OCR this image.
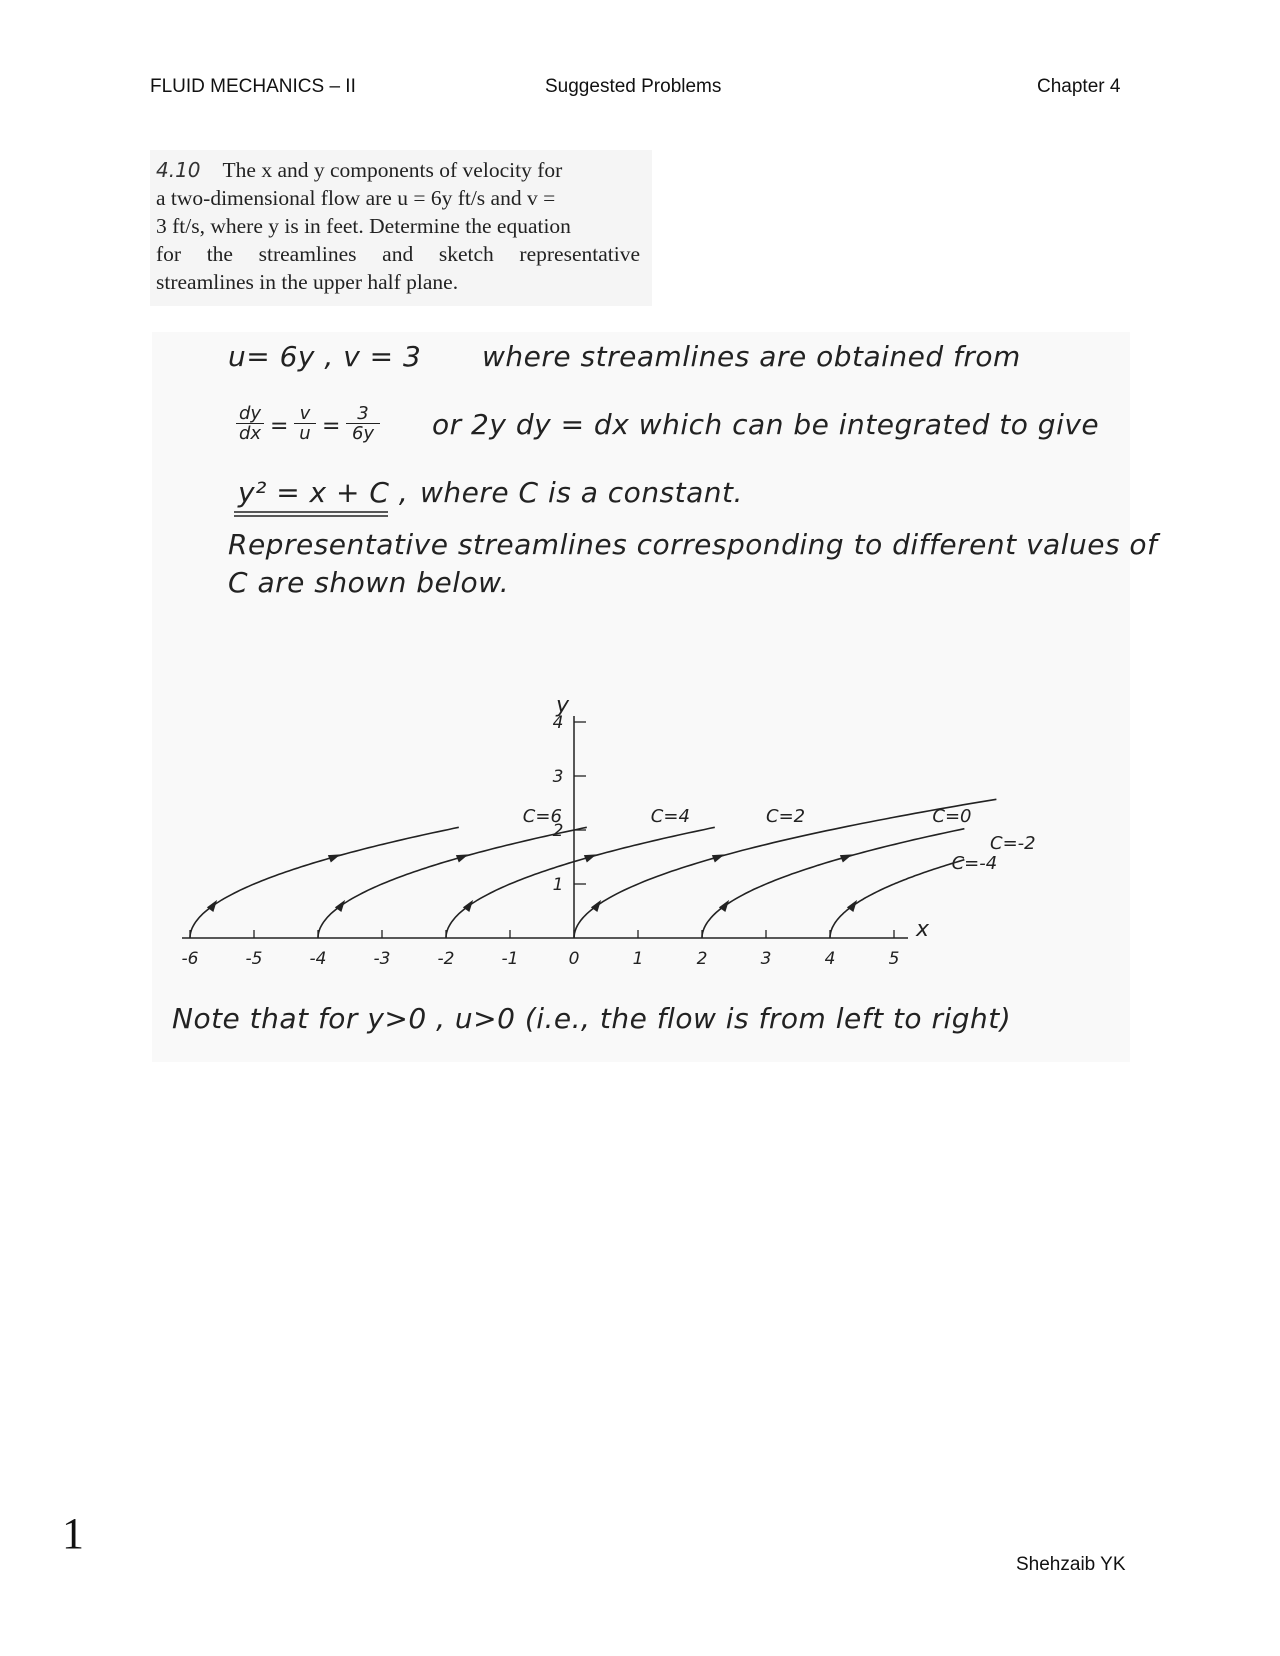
FLUID MECHANICS – II	Suggested Problems	Chapter 4
4.10 The x and y components of velocity for
a two-dimensional flow are u = 6y ft/s and v =
3 ft/s, where y is in feet. Determine the equation
for the streamlines and sketch representative
streamlines in the upper half plane.
u= 6y , v = 3 where streamlines are obtained from
$\frac{dy}{dx} = \frac{v}{u} = \frac{3}{6y}$ or 2y dy = dx which can be integrated to give
y² = x + C , where C is a constant.
Representative streamlines corresponding to different values of
C are shown below.
-6	-5	-4	-3	-2	-1	0	1	2	3	4	5
1
2
3
4
x
y
C=6	C=4	C=2	C=0
C=-2
C=-4
Note that for y>0 , u>0 (i.e., the flow is from left to right)
1
Shehzaib YK
